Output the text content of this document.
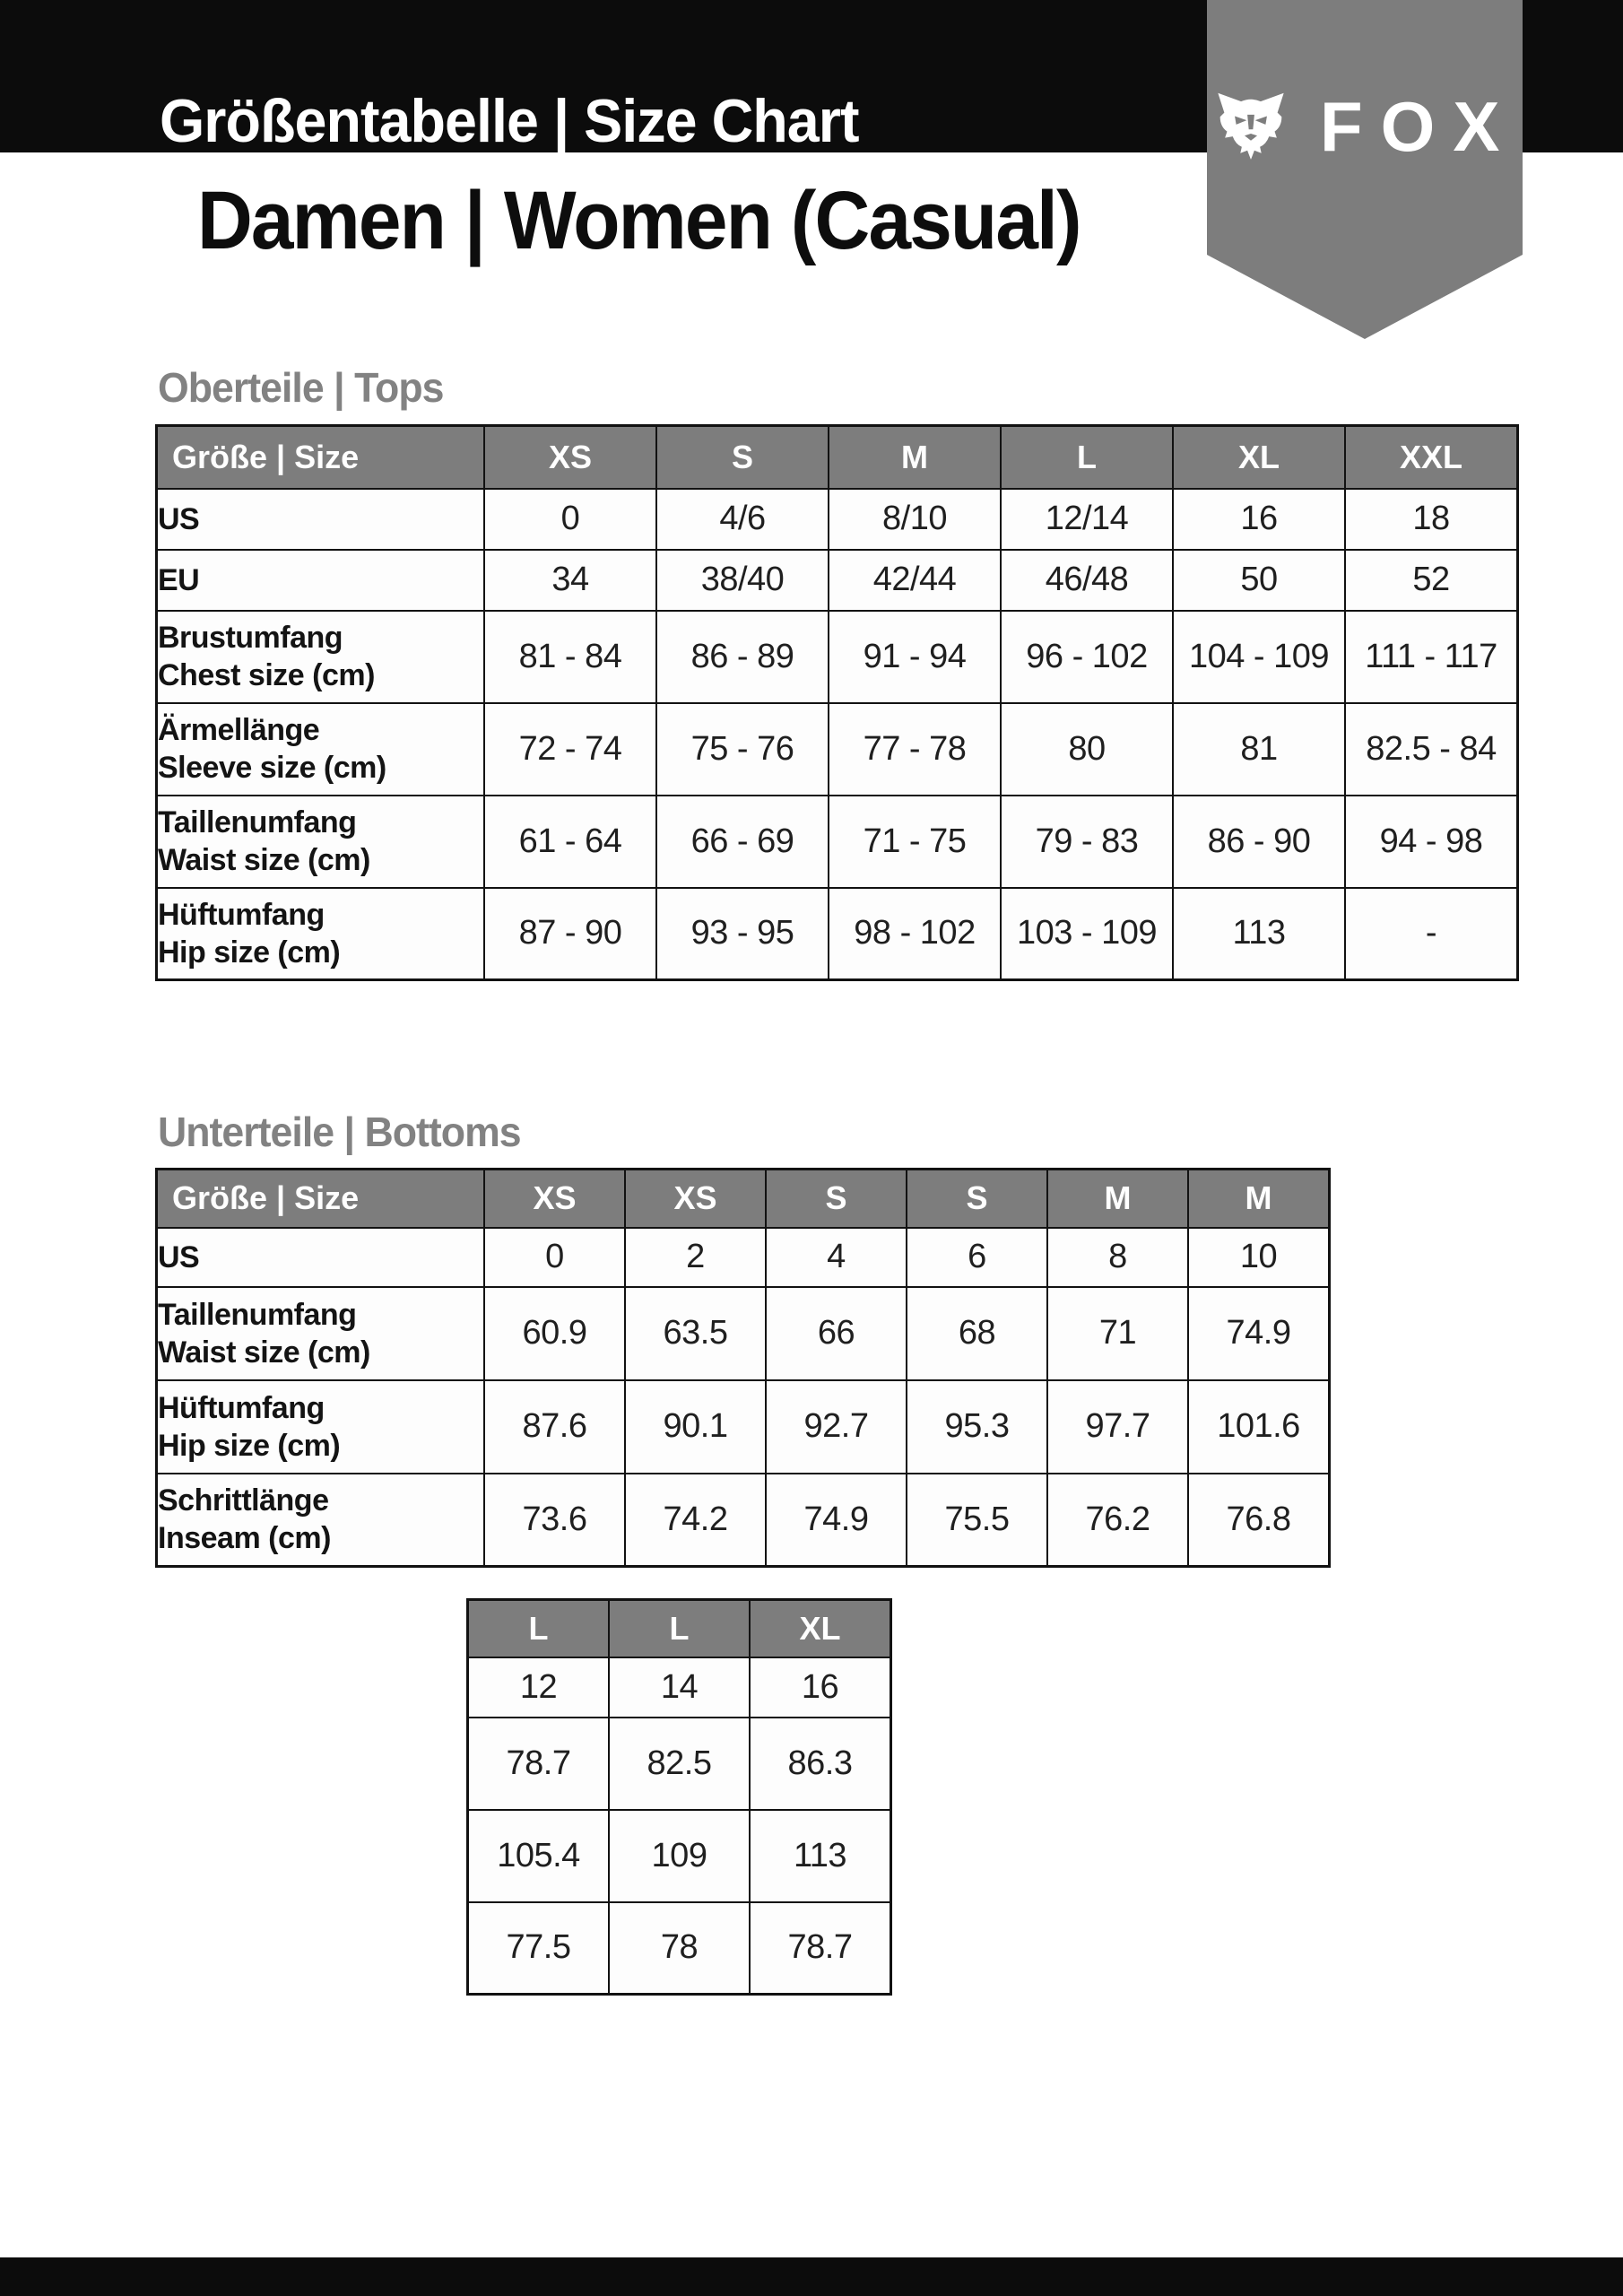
Größentabelle | Size Chart
Damen | Women (Casual)
FOX
Oberteile | Tops
Größe | Size	XS	S	M	L	XL	XXL

US	0	4/6	8/10	12/14	16	18

EU	34	38/40	42/44	46/48	50	52

Brustumfang
Chest size (cm)	81 - 84	86 - 89	91 - 94	96 - 102	104 - 109	111 - 117

Ärmellänge
Sleeve size (cm)	72 - 74	75 - 76	77 - 78	80	81	82.5 - 84

Taillenumfang
Waist size (cm)	61 - 64	66 - 69	71 - 75	79 - 83	86 - 90	94 - 98

Hüftumfang
Hip size (cm)	87 - 90	93 - 95	98 - 102	103 - 109	113	-
Unterteile | Bottoms
Größe | Size	XS	XS	S	S	M	M

US	0	2	4	6	8	10

Taillenumfang
Waist size (cm)	60.9	63.5	66	68	71	74.9

Hüftumfang
Hip size (cm)	87.6	90.1	92.7	95.3	97.7	101.6

Schrittlänge
Inseam (cm)	73.6	74.2	74.9	75.5	76.2	76.8
L	L	XL
12	14	16
78.7	82.5	86.3
105.4	109	113
77.5	78	78.7
